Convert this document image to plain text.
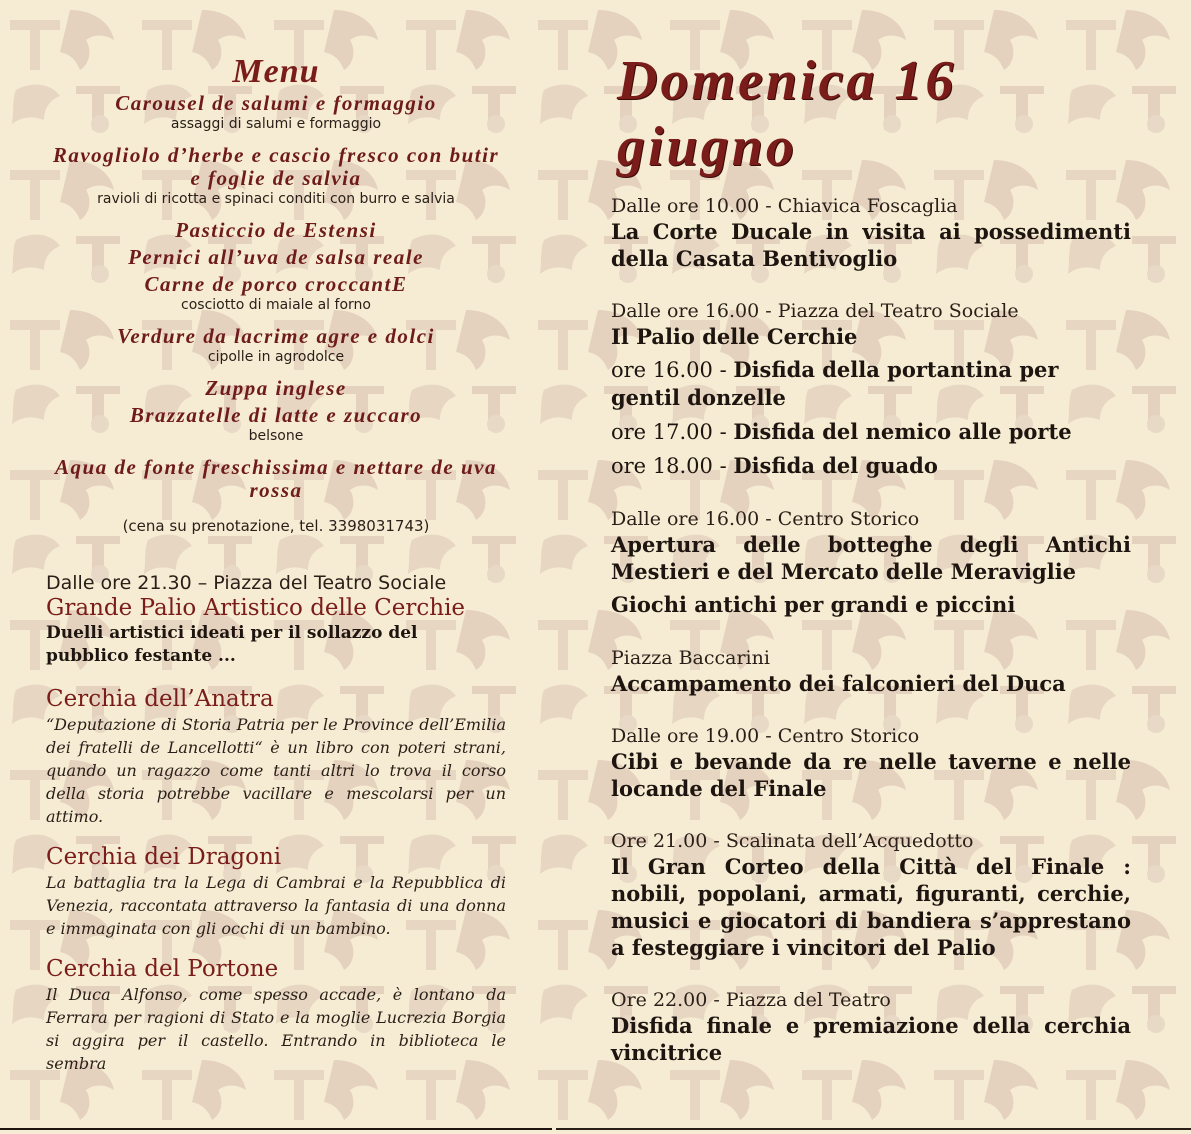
Menu
Carousel de salumi e formaggio
assaggi di salumi e formaggio
Ravogliolo d’herbe e cascio fresco con butir e foglie de salvia
ravioli di ricotta e spinaci conditi con burro e salvia
Pasticcio de Estensi
Pernici all’uva de salsa reale
Carne de porco croccantE
cosciotto di maiale al forno
Verdure da lacrime agre e dolci
cipolle in agrodolce
Zuppa inglese
Brazzatelle di latte e zuccaro
belsone
Aqua de fonte freschissima e nettare de uva rossa

(cena su prenotazione, tel. 3398031743)

Dalle ore 21.30 – Piazza del Teatro Sociale

Grande Palio Artistico delle Cerchie

Duelli artistici ideati per il sollazzo del pubblico festante ...

Cerchia dell’Anatra

“Deputazione di Storia Patria per le Province dell’Emilia dei fratelli de Lancellotti“ è un libro con poteri strani, quando un ragazzo come tanti altri lo trova il corso della storia potrebbe vacillare e mescolarsi per un attimo.

Cerchia dei Dragoni

La battaglia tra la Lega di Cambrai e la Repubblica di Venezia, raccontata attraverso la fantasia di una donna e immaginata con gli occhi di un bambino.

Cerchia del Portone

Il Duca Alfonso, come spesso accade, è lontano da Ferrara per ragioni di Stato e la moglie Lucrezia Borgia si aggira per il castello. Entrando in biblioteca le sembra

Domenica 16 giugno

Dalle ore 10.00 - Chiavica Foscaglia

La Corte Ducale in visita ai possedimenti della Casata Bentivoglio

Dalle ore 16.00 - Piazza del Teatro Sociale

Il Palio delle Cerchie

ore 16.00 - Disfida della portantina per gentil donzelle

ore 17.00 - Disfida del nemico alle porte

ore 18.00 - Disfida del guado

Dalle ore 16.00 - Centro Storico

Apertura delle botteghe degli Antichi Mestieri e del Mercato delle Meraviglie

Giochi antichi per grandi e piccini

Piazza Baccarini

Accampamento dei falconieri del Duca

Dalle ore 19.00 - Centro Storico

Cibi e bevande da re nelle taverne e nelle locande del Finale

Ore 21.00 - Scalinata dell’Acquedotto

Il Gran Corteo della Città del Finale : nobili, popolani, armati, figuranti, cerchie, musici e giocatori di bandiera s’apprestano a festeggiare i vincitori del Palio

Ore 22.00 - Piazza del Teatro

Disfida finale e premiazione della cerchia vincitrice
